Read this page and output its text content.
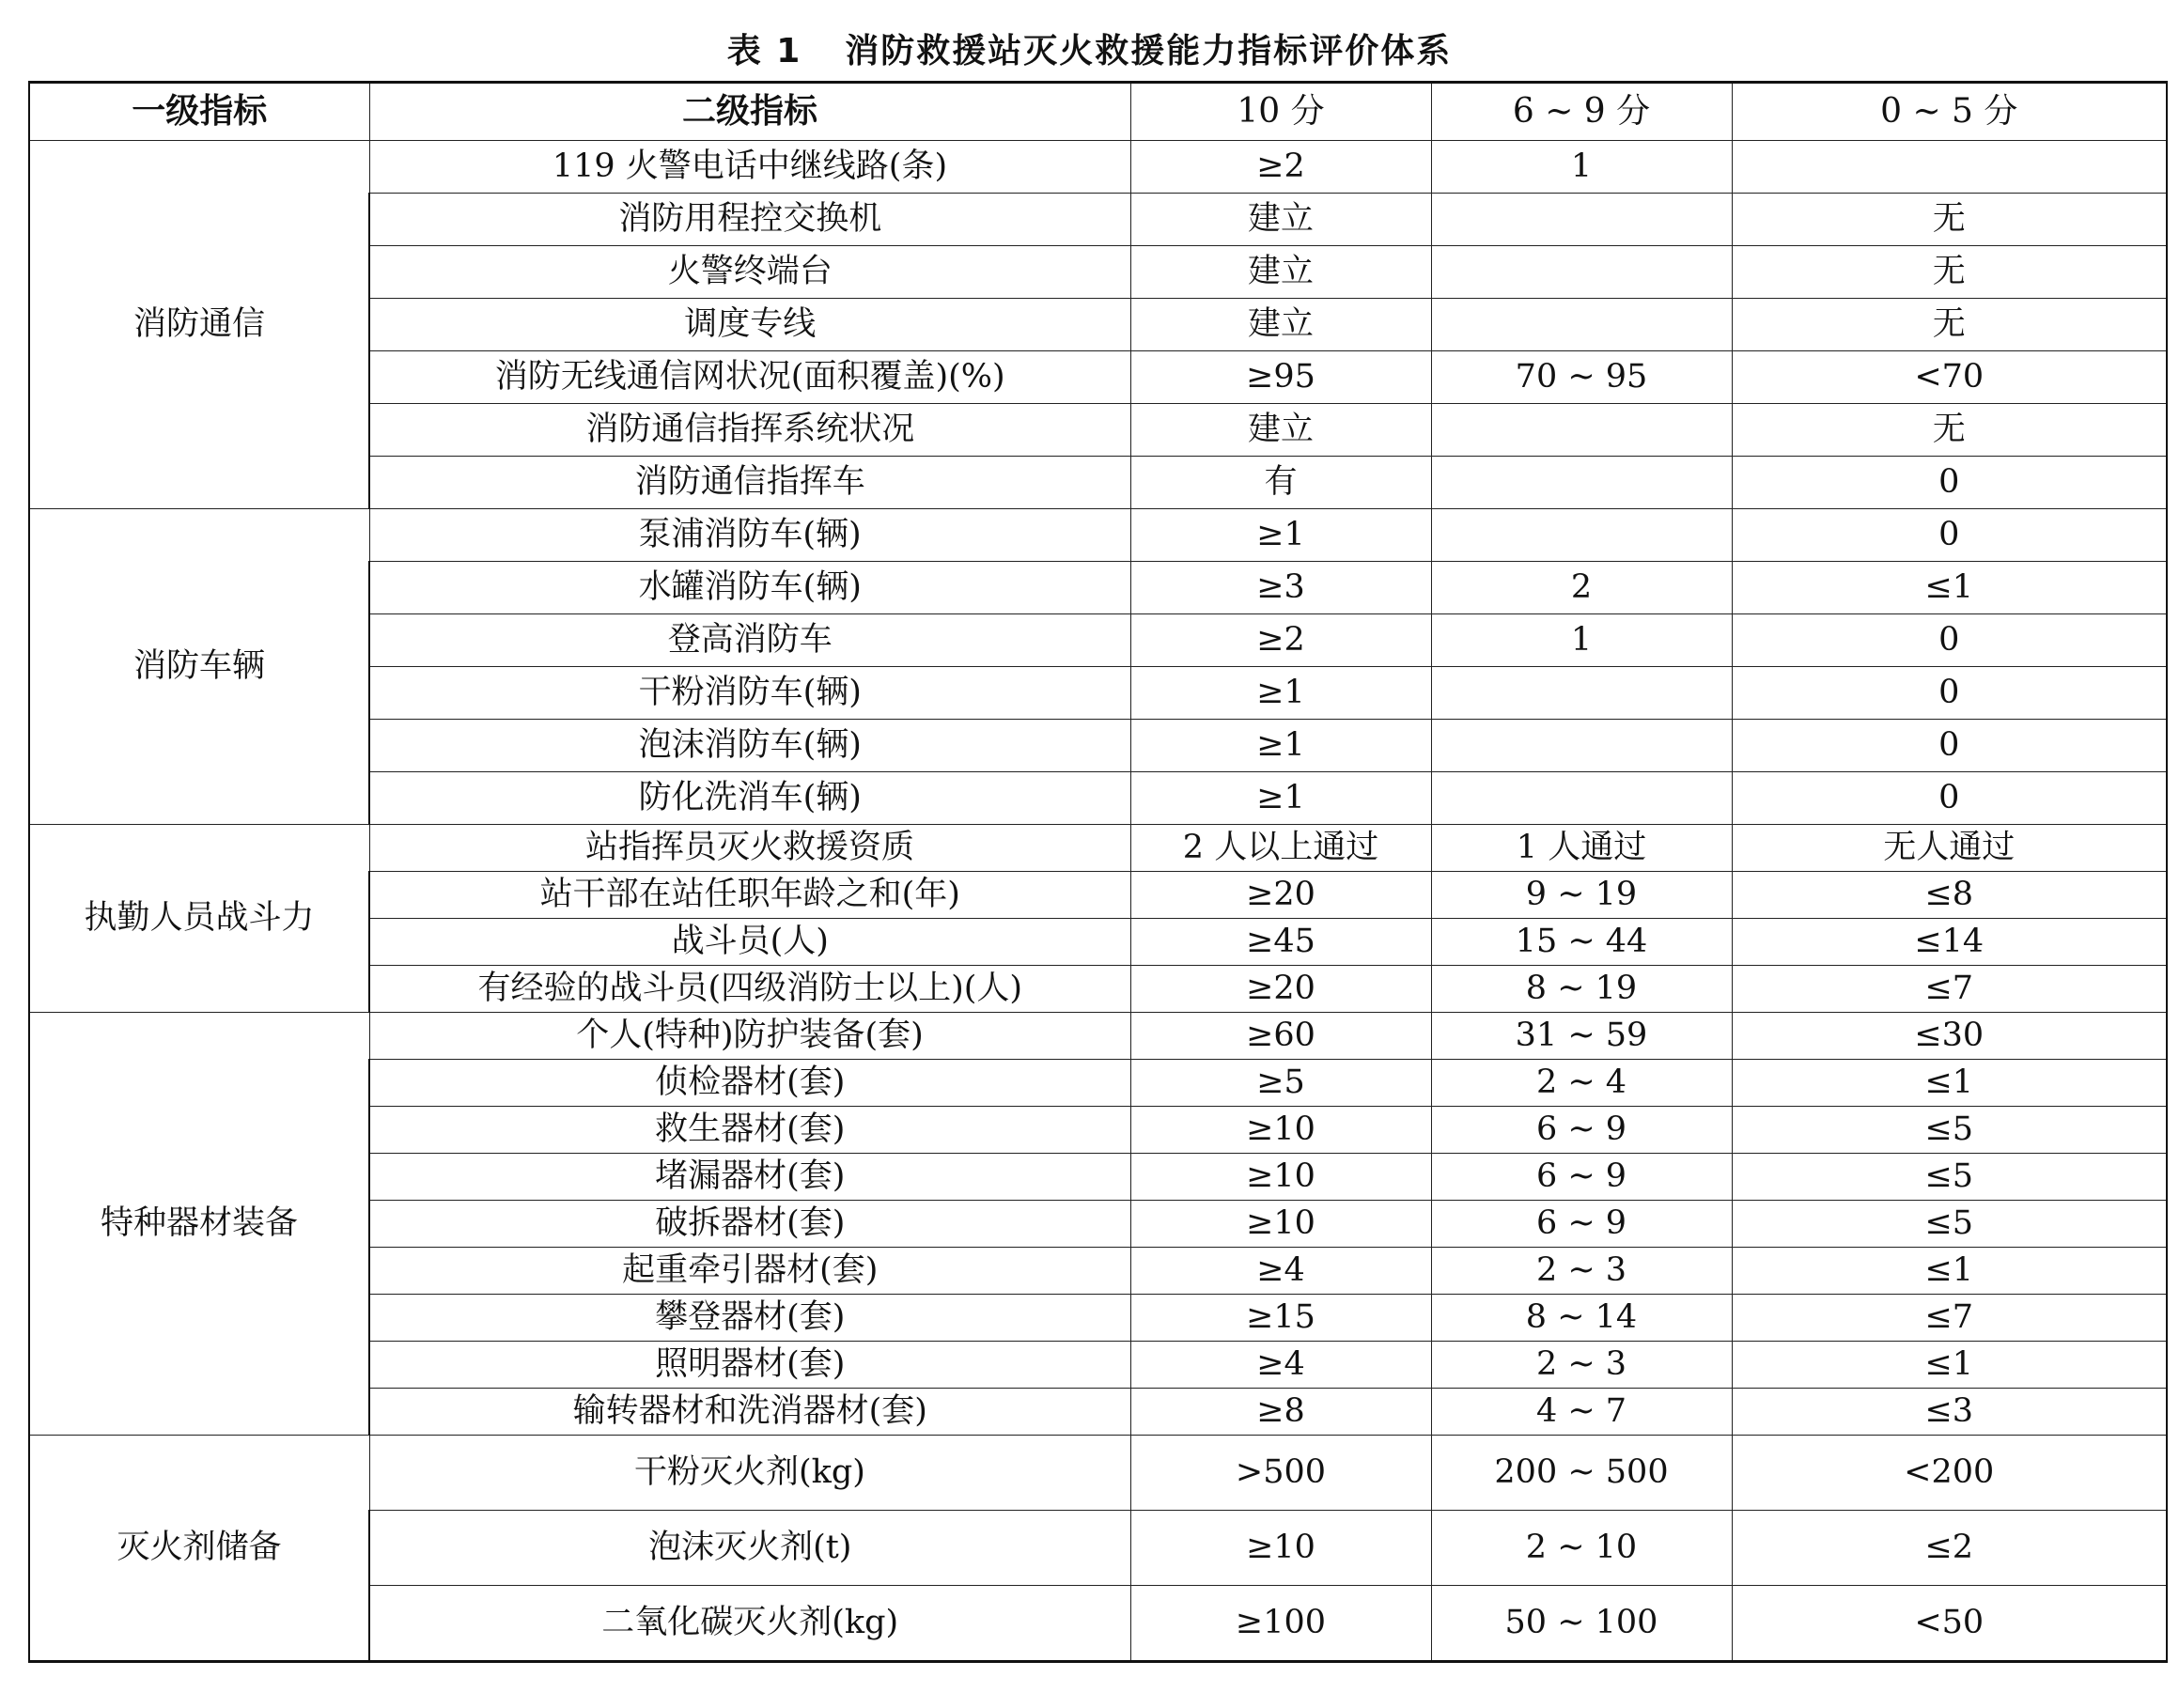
表 1 消防救援站灭火救援能力指标评价体系
一级指标	二级指标	10 分	6 ~ 9 分	0 ~ 5 分
消防通信	119 火警电话中继线路(条)	≥2	1	
	消防用程控交换机	建立		无
	火警终端台	建立		无
	调度专线	建立		无
	消防无线通信网状况(面积覆盖)(%)	≥95	70 ~ 95	<70
	消防通信指挥系统状况	建立		无
	消防通信指挥车	有		0
消防车辆	泵浦消防车(辆)	≥1		0
	水罐消防车(辆)	≥3	2	≤1
	登高消防车	≥2	1	0
	干粉消防车(辆)	≥1		0
	泡沫消防车(辆)	≥1		0
	防化洗消车(辆)	≥1		0
执勤人员战斗力	站指挥员灭火救援资质	2 人以上通过	1 人通过	无人通过
	站干部在站任职年龄之和(年)	≥20	9 ~ 19	≤8
	战斗员(人)	≥45	15 ~ 44	≤14
	有经验的战斗员(四级消防士以上)(人)	≥20	8 ~ 19	≤7
特种器材装备	个人(特种)防护装备(套)	≥60	31 ~ 59	≤30
	侦检器材(套)	≥5	2 ~ 4	≤1
	救生器材(套)	≥10	6 ~ 9	≤5
	堵漏器材(套)	≥10	6 ~ 9	≤5
	破拆器材(套)	≥10	6 ~ 9	≤5
	起重牵引器材(套)	≥4	2 ~ 3	≤1
	攀登器材(套)	≥15	8 ~ 14	≤7
	照明器材(套)	≥4	2 ~ 3	≤1
	输转器材和洗消器材(套)	≥8	4 ~ 7	≤3
灭火剂储备	干粉灭火剂(kg)	>500	200 ~ 500	<200
	泡沫灭火剂(t)	≥10	2 ~ 10	≤2
	二氧化碳灭火剂(kg)	≥100	50 ~ 100	<50
